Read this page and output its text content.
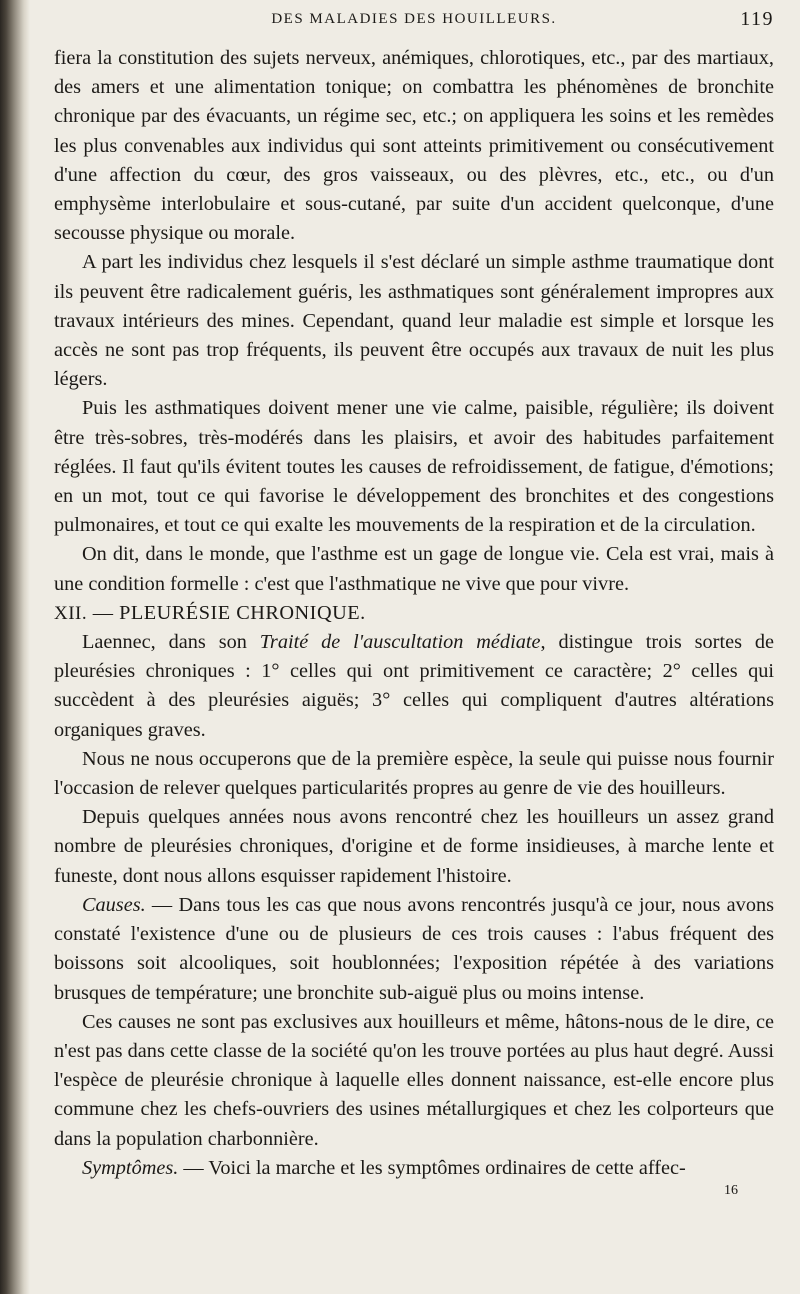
DES MALADIES DES HOUILLEURS.	119

fiera la constitution des sujets nerveux, anémiques, chlorotiques, etc., par des martiaux, des amers et une alimentation tonique; on combattra les phénomènes de bronchite chronique par des évacuants, un régime sec, etc.; on appliquera les soins et les remèdes les plus convenables aux individus qui sont atteints primitivement ou consécutivement d'une affection du cœur, des gros vaisseaux, ou des plèvres, etc., etc., ou d'un emphysème interlobulaire et sous-cutané, par suite d'un accident quelconque, d'une secousse physique ou morale.

A part les individus chez lesquels il s'est déclaré un simple asthme traumatique dont ils peuvent être radicalement guéris, les asthmatiques sont généralement impropres aux travaux intérieurs des mines. Cependant, quand leur maladie est simple et lorsque les accès ne sont pas trop fréquents, ils peuvent être occupés aux travaux de nuit les plus légers.

Puis les asthmatiques doivent mener une vie calme, paisible, régulière; ils doivent être très-sobres, très-modérés dans les plaisirs, et avoir des habitudes parfaitement réglées. Il faut qu'ils évitent toutes les causes de refroidissement, de fatigue, d'émotions; en un mot, tout ce qui favorise le développement des bronchites et des congestions pulmonaires, et tout ce qui exalte les mouvements de la respiration et de la circulation.

On dit, dans le monde, que l'asthme est un gage de longue vie. Cela est vrai, mais à une condition formelle : c'est que l'asthmatique ne vive que pour vivre.

XII. — PLEURÉSIE CHRONIQUE.

Laennec, dans son Traité de l'auscultation médiate, distingue trois sortes de pleurésies chroniques : 1° celles qui ont primitivement ce caractère; 2° celles qui succèdent à des pleurésies aiguës; 3° celles qui compliquent d'autres altérations organiques graves.

Nous ne nous occuperons que de la première espèce, la seule qui puisse nous fournir l'occasion de relever quelques particularités propres au genre de vie des houilleurs.

Depuis quelques années nous avons rencontré chez les houilleurs un assez grand nombre de pleurésies chroniques, d'origine et de forme insidieuses, à marche lente et funeste, dont nous allons esquisser rapidement l'histoire.

Causes. — Dans tous les cas que nous avons rencontrés jusqu'à ce jour, nous avons constaté l'existence d'une ou de plusieurs de ces trois causes : l'abus fréquent des boissons soit alcooliques, soit houblonnées; l'exposition répétée à des variations brusques de température; une bronchite sub-aiguë plus ou moins intense.

Ces causes ne sont pas exclusives aux houilleurs et même, hâtons-nous de le dire, ce n'est pas dans cette classe de la société qu'on les trouve portées au plus haut degré. Aussi l'espèce de pleurésie chronique à laquelle elles donnent naissance, est-elle encore plus commune chez les chefs-ouvriers des usines métallurgiques et chez les colporteurs que dans la population charbonnière.

Symptômes. — Voici la marche et les symptômes ordinaires de cette affec-

16
